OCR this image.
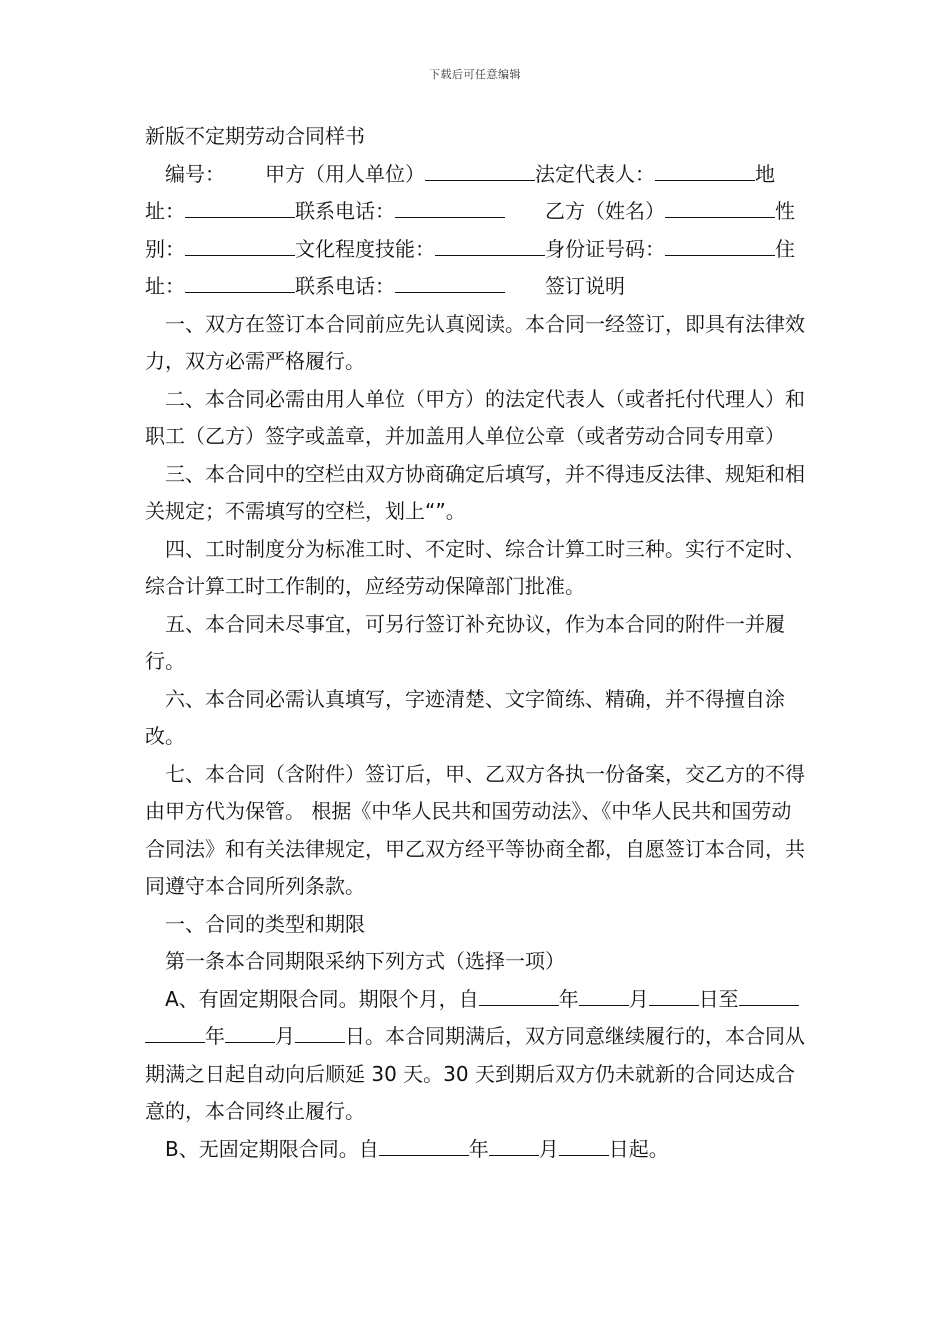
下载后可任意编辑

新版不定期劳动合同样书

编号： 甲方（用人单位）	法定代表人：	地址：	联系电话：	乙方（姓名）	性别：	文化程度技能：	身份证号码：	住址：	联系电话：	签订说明

一、双方在签订本合同前应先认真阅读。本合同一经签订，即具有法律效力，双方必需严格履行。

二、本合同必需由用人单位（甲方）的法定代表人（或者托付代理人）和职工（乙方）签字或盖章，并加盖用人单位公章（或者劳动合同专用章）

三、本合同中的空栏由双方协商确定后填写，并不得违反法律、规矩和相关规定；不需填写的空栏，划上“”。

四、工时制度分为标准工时、不定时、综合计算工时三种。实行不定时、综合计算工时工作制的，应经劳动保障部门批准。

五、本合同未尽事宜，可另行签订补充协议，作为本合同的附件一并履行。

六、本合同必需认真填写，字迹清楚、文字简练、精确，并不得擅自涂改。

七、本合同（含附件）签订后，甲、乙双方各执一份备案，交乙方的不得由甲方代为保管。 根据《中华人民共和国劳动法》、《中华人民共和国劳动合同法》和有关法律规定，甲乙双方经平等协商全都，自愿签订本合同，共同遵守本合同所列条款。

一、合同的类型和期限

第一条本合同期限采纳下列方式（选择一项）

A、有固定期限合同。期限个月，自	年	月	日至年	月	日。本合同期满后，双方同意继续履行的，本合同从期满之日起自动向后顺延 30 天。30 天到期后双方仍未就新的合同达成合意的，本合同终止履行。

B、无固定期限合同。自	年	月	日起。
